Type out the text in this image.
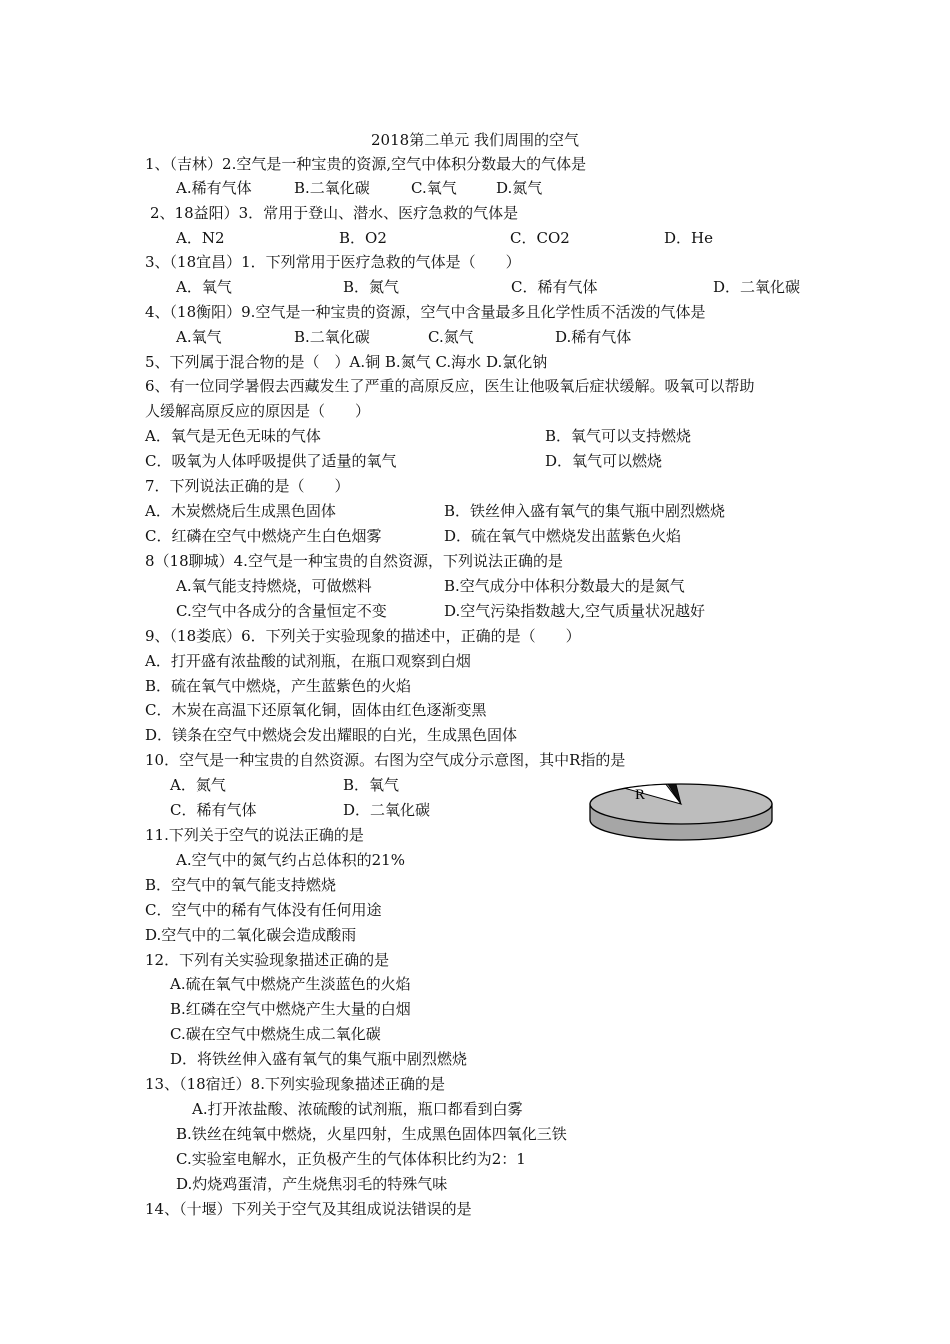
2018第二单元 我们周围的空气
1、（吉林）2.空气是一种宝贵的资源,空气中体积分数最大的气体是
A.稀有气体	B.二氧化碳	C.氧气	D.氮气
2、18益阳）3．常用于登山、潜水、医疗急救的气体是
A．N2	B．O2	C．CO2	D．He
3、（18宜昌）1．下列常用于医疗急救的气体是（　　）
A．氧气	B．氮气	C．稀有气体	D．二氧化碳
4、（18衡阳）9.空气是一种宝贵的资源，空气中含量最多且化学性质不活泼的气体是
A.氧气	B.二氧化碳	C.氮气	D.稀有气体
5、下列属于混合物的是（　）A.铜 B.氮气 C.海水 D.氯化钠
6、有一位同学暑假去西藏发生了严重的高原反应，医生让他吸氧后症状缓解。吸氧可以帮助
人缓解高原反应的原因是（　　）
A．氧气是无色无味的气体	B．氧气可以支持燃烧
C．吸氧为人体呼吸提供了适量的氧气	D．氧气可以燃烧
7．下列说法正确的是（　　）
A．木炭燃烧后生成黑色固体	B．铁丝伸入盛有氧气的集气瓶中剧烈燃烧
C．红磷在空气中燃烧产生白色烟雾	D．硫在氧气中燃烧发出蓝紫色火焰
8（18聊城）4.空气是一种宝贵的自然资源，下列说法正确的是
A.氧气能支持燃烧，可做燃料	B.空气成分中体积分数最大的是氮气
C.空气中各成分的含量恒定不变	D.空气污染指数越大,空气质量状况越好
9、（18娄底）6．下列关于实验现象的描述中，正确的是（　　）
A．打开盛有浓盐酸的试剂瓶，在瓶口观察到白烟
B．硫在氧气中燃烧，产生蓝紫色的火焰
C．木炭在高温下还原氧化铜，固体由红色逐渐变黑
D．镁条在空气中燃烧会发出耀眼的白光，生成黑色固体
10．空气是一种宝贵的自然资源。右图为空气成分示意图，其中R指的是
A．氮气	B．氧气
C．稀有气体	D．二氧化碳
R
11.下列关于空气的说法正确的是
A.空气中的氮气约占总体积的21%
B．空气中的氧气能支持燃烧
C．空气中的稀有气体没有任何用途
D.空气中的二氧化碳会造成酸雨
12．下列有关实验现象描述正确的是
A.硫在氧气中燃烧产生淡蓝色的火焰
B.红磷在空气中燃烧产生大量的白烟
C.碳在空气中燃烧生成二氧化碳
D．将铁丝伸入盛有氧气的集气瓶中剧烈燃烧
13、（18宿迁）8.下列实验现象描述正确的是
A.打开浓盐酸、浓硫酸的试剂瓶，瓶口都看到白雾
B.铁丝在纯氧中燃烧，火星四射，生成黑色固体四氧化三铁
C.实验室电解水，正负极产生的气体体积比约为2：1
D.灼烧鸡蛋清，产生烧焦羽毛的特殊气味
14、（十堰）下列关于空气及其组成说法错误的是
